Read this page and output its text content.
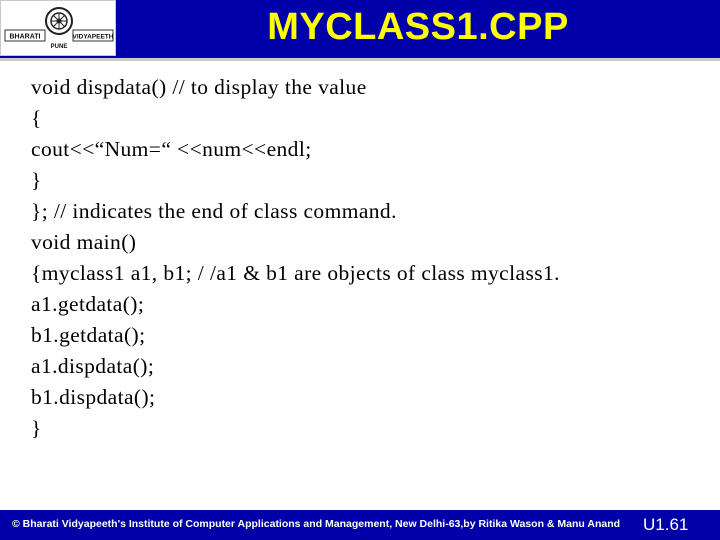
BHARATI	VIDYAPEETH
PUNE	MYCLASS1.CPP
void dispdata() // to display the value
{
cout<<“Num=“ <<num<<endl;
}
}; // indicates the end of class command.
void main()
{myclass1 a1, b1; / /a1 & b1 are objects of class myclass1.
a1.getdata();
b1.getdata();
a1.dispdata();
b1.dispdata();
}
© Bharati Vidyapeeth's Institute of Computer Applications and Management, New Delhi-63,by Ritika Wason & Manu Anand U1.61
